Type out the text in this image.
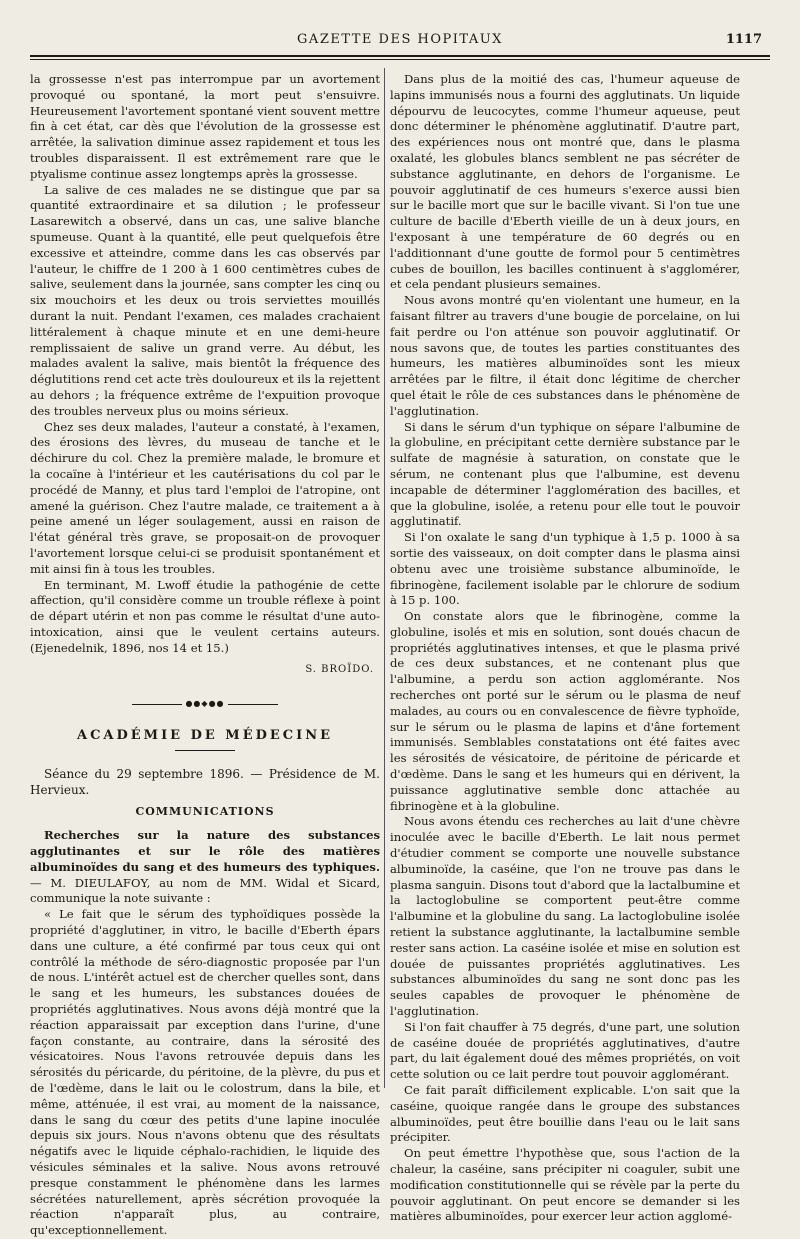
GAZETTE DES HOPITAUX	1117

la grossesse n'est pas interrompue par un avortement provoqué ou spontané, la mort peut s'ensuivre. Heureusement l'avortement spontané vient souvent mettre fin à cet état, car dès que l'évolution de la grossesse est arrêtée, la salivation diminue assez rapidement et tous les troubles disparaissent. Il est extrêmement rare que le ptyalisme continue assez longtemps après la grossesse.

La salive de ces malades ne se distingue que par sa quantité extraordinaire et sa dilution ; le professeur Lasarewitch a observé, dans un cas, une salive blanche spumeuse. Quant à la quantité, elle peut quelquefois être excessive et atteindre, comme dans les cas observés par l'auteur, le chiffre de 1 200 à 1 600 centimètres cubes de salive, seulement dans la journée, sans compter les cinq ou six mouchoirs et les deux ou trois serviettes mouillés durant la nuit. Pendant l'examen, ces malades crachaient littéralement à chaque minute et en une demi-heure remplissaient de salive un grand verre. Au début, les malades avalent la salive, mais bientôt la fréquence des déglutitions rend cet acte très douloureux et ils la rejettent au dehors ; la fréquence extrême de l'expuition provoque des troubles nerveux plus ou moins sérieux.

Chez ses deux malades, l'auteur a constaté, à l'examen, des érosions des lèvres, du museau de tanche et le déchirure du col. Chez la première malade, le bromure et la cocaïne à l'intérieur et les cautérisations du col par le procédé de Manny, et plus tard l'emploi de l'atropine, ont amené la guérison. Chez l'autre malade, ce traitement a à peine amené un léger soulagement, aussi en raison de l'état général très grave, se proposait-on de provoquer l'avortement lorsque celui-ci se produisit spontanément et mit ainsi fin à tous les troubles.

En terminant, M. Lwoff étudie la pathogénie de cette affection, qu'il considère comme un trouble réflexe à point de départ utérin et non pas comme le résultat d'une auto-intoxication, ainsi que le veulent certains auteurs. (Ejenedelnik, 1896, nos 14 et 15.)

S. BROÏDO.
●●◆●●
ACADÉMIE DE MÉDECINE

Séance du 29 septembre 1896. — Présidence de M. Hervieux.

COMMUNICATIONS

Recherches sur la nature des substances agglutinantes et sur le rôle des matières albuminoïdes du sang et des humeurs des typhiques. — M. DIEULAFOY, au nom de MM. Widal et Sicard, communique la note suivante :

« Le fait que le sérum des typhoïdiques possède la propriété d'agglutiner, in vitro, le bacille d'Eberth épars dans une culture, a été confirmé par tous ceux qui ont contrôlé la méthode de séro-diagnostic proposée par l'un de nous. L'intérêt actuel est de chercher quelles sont, dans le sang et les humeurs, les substances douées de propriétés agglutinatives. Nous avons déjà montré que la réaction apparaissait par exception dans l'urine, d'une façon constante, au contraire, dans la sérosité des vésicatoires. Nous l'avons retrouvée depuis dans les sérosités du péricarde, du péritoine, de la plèvre, du pus et de l'œdème, dans le lait ou le colostrum, dans la bile, et même, atténuée, il est vrai, au moment de la naissance, dans le sang du cœur des petits d'une lapine inoculée depuis six jours. Nous n'avons obtenu que des résultats négatifs avec le liquide céphalo-rachidien, le liquide des vésicules séminales et la salive. Nous avons retrouvé presque constamment le phénomène dans les larmes sécrétées naturellement, après sécrétion provoquée la réaction n'apparaît plus, au contraire, qu'exceptionnellement.

Dans plus de la moitié des cas, l'humeur aqueuse de lapins immunisés nous a fourni des agglutinats. Un liquide dépourvu de leucocytes, comme l'humeur aqueuse, peut donc déterminer le phénomène agglutinatif. D'autre part, des expériences nous ont montré que, dans le plasma oxalaté, les globules blancs semblent ne pas sécréter de substance agglutinante, en dehors de l'organisme. Le pouvoir agglutinatif de ces humeurs s'exerce aussi bien sur le bacille mort que sur le bacille vivant. Si l'on tue une culture de bacille d'Eberth vieille de un à deux jours, en l'exposant à une température de 60 degrés ou en l'additionnant d'une goutte de formol pour 5 centimètres cubes de bouillon, les bacilles continuent à s'agglomérer, et cela pendant plusieurs semaines.

Nous avons montré qu'en violentant une humeur, en la faisant filtrer au travers d'une bougie de porcelaine, on lui fait perdre ou l'on atténue son pouvoir agglutinatif. Or nous savons que, de toutes les parties constituantes des humeurs, les matières albuminoïdes sont les mieux arrêtées par le filtre, il était donc légitime de chercher quel était le rôle de ces substances dans le phénomène de l'agglutination.

Si dans le sérum d'un typhique on sépare l'albumine de la globuline, en précipitant cette dernière substance par le sulfate de magnésie à saturation, on constate que le sérum, ne contenant plus que l'albumine, est devenu incapable de déterminer l'agglomération des bacilles, et que la globuline, isolée, a retenu pour elle tout le pouvoir agglutinatif.

Si l'on oxalate le sang d'un typhique à 1,5 p. 1000 à sa sortie des vaisseaux, on doit compter dans le plasma ainsi obtenu avec une troisième substance albuminoïde, le fibrinogène, facilement isolable par le chlorure de sodium à 15 p. 100.

On constate alors que le fibrinogène, comme la globuline, isolés et mis en solution, sont doués chacun de propriétés agglutinatives intenses, et que le plasma privé de ces deux substances, et ne contenant plus que l'albumine, a perdu son action agglomérante. Nos recherches ont porté sur le sérum ou le plasma de neuf malades, au cours ou en convalescence de fièvre typhoïde, sur le sérum ou le plasma de lapins et d'âne fortement immunisés. Semblables constatations ont été faites avec les sérosités de vésicatoire, de péritoine de péricarde et d'œdème. Dans le sang et les humeurs qui en dérivent, la puissance agglutinative semble donc attachée au fibrinogène et à la globuline.

Nous avons étendu ces recherches au lait d'une chèvre inoculée avec le bacille d'Eberth. Le lait nous permet d'étudier comment se comporte une nouvelle substance albuminoïde, la caséine, que l'on ne trouve pas dans le plasma sanguin. Disons tout d'abord que la lactalbumine et la lactoglobuline se comportent peut-être comme l'albumine et la globuline du sang. La lactoglobuline isolée retient la substance agglutinante, la lactalbumine semble rester sans action. La caséine isolée et mise en solution est douée de puissantes propriétés agglutinatives. Les substances albuminoïdes du sang ne sont donc pas les seules capables de provoquer le phénomène de l'agglutination.

Si l'on fait chauffer à 75 degrés, d'une part, une solution de caséine douée de propriétés agglutinatives, d'autre part, du lait également doué des mêmes propriétés, on voit cette solution ou ce lait perdre tout pouvoir agglomérant.

Ce fait paraît difficilement explicable. L'on sait que la caséine, quoique rangée dans le groupe des substances albuminoïdes, peut être bouillie dans l'eau ou le lait sans précipiter.

On peut émettre l'hypothèse que, sous l'action de la chaleur, la caséine, sans précipiter ni coaguler, subit une modification constitutionnelle qui se révèle par la perte du pouvoir agglutinant. On peut encore se demander si les matières albuminoïdes, pour exercer leur action agglomé-
